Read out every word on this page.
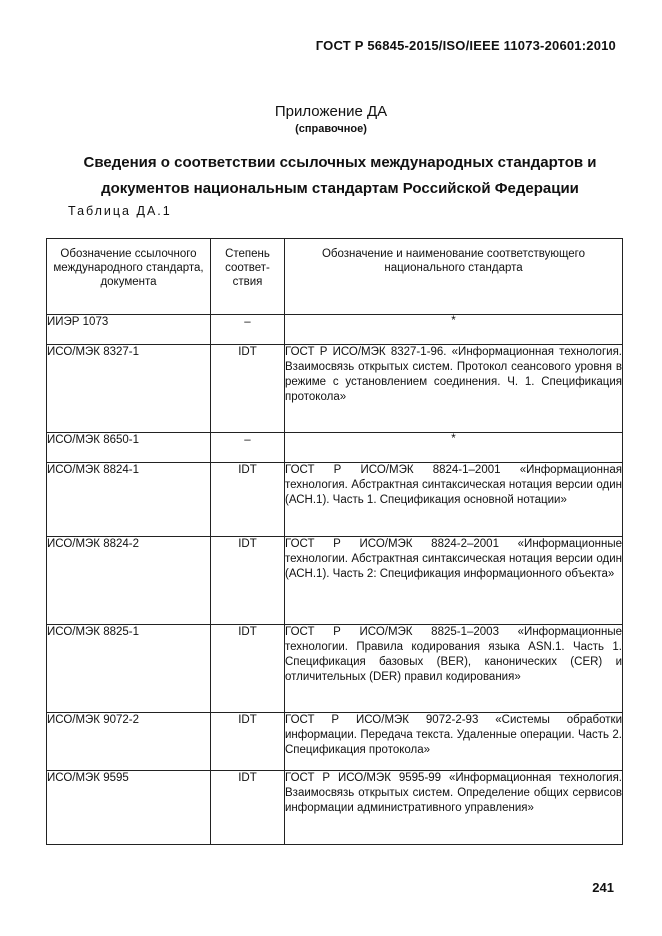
ГОСТ Р 56845-2015/ISO/IEEE 11073-20601:2010
Приложение ДА
(справочное)
Сведения о соответствии ссылочных международных стандартов и
документов национальным стандартам Российской Федерации
Таблица ДА.1
Обозначение ссылочного международного стандарта, документа	Степень соответ-ствия	Обозначение и наименование соответствующего национального стандарта
ИИЭР 1073	–	*
ИСО/МЭК 8327-1	IDT	ГОСТ Р ИСО/МЭК 8327-1-96. «Информационная технология. Взаимосвязь открытых систем. Протокол сеансового уровня в режиме с установлением соединения. Ч. 1. Спецификация протокола»
ИСО/МЭК 8650-1	–	*
ИСО/МЭК 8824-1	IDT	ГОСТ Р ИСО/МЭК 8824-1–2001 «Информационная технология. Абстрактная синтаксическая нотация версии один (АСН.1). Часть 1. Спецификация основной нотации»
ИСО/МЭК 8824-2	IDT	ГОСТ Р ИСО/МЭК 8824-2–2001 «Информационные технологии. Абстрактная синтаксическая нотация версии один (АСН.1). Часть 2: Спецификация информационного объекта»
ИСО/МЭК 8825-1	IDT	ГОСТ Р ИСО/МЭК 8825-1–2003 «Информационные технологии. Правила кодирования языка ASN.1. Часть 1. Спецификация базовых (BER), канонических (CER) и отличительных (DER) правил кодирования»
ИСО/МЭК 9072-2	IDT	ГОСТ Р ИСО/МЭК 9072-2-93 «Системы обработки информации. Передача текста. Удаленные операции. Часть 2. Спецификация протокола»
ИСО/МЭК 9595	IDT	ГОСТ Р ИСО/МЭК 9595-99 «Информационная технология. Взаимосвязь открытых систем. Определение общих сервисов информации административного управления»
241
